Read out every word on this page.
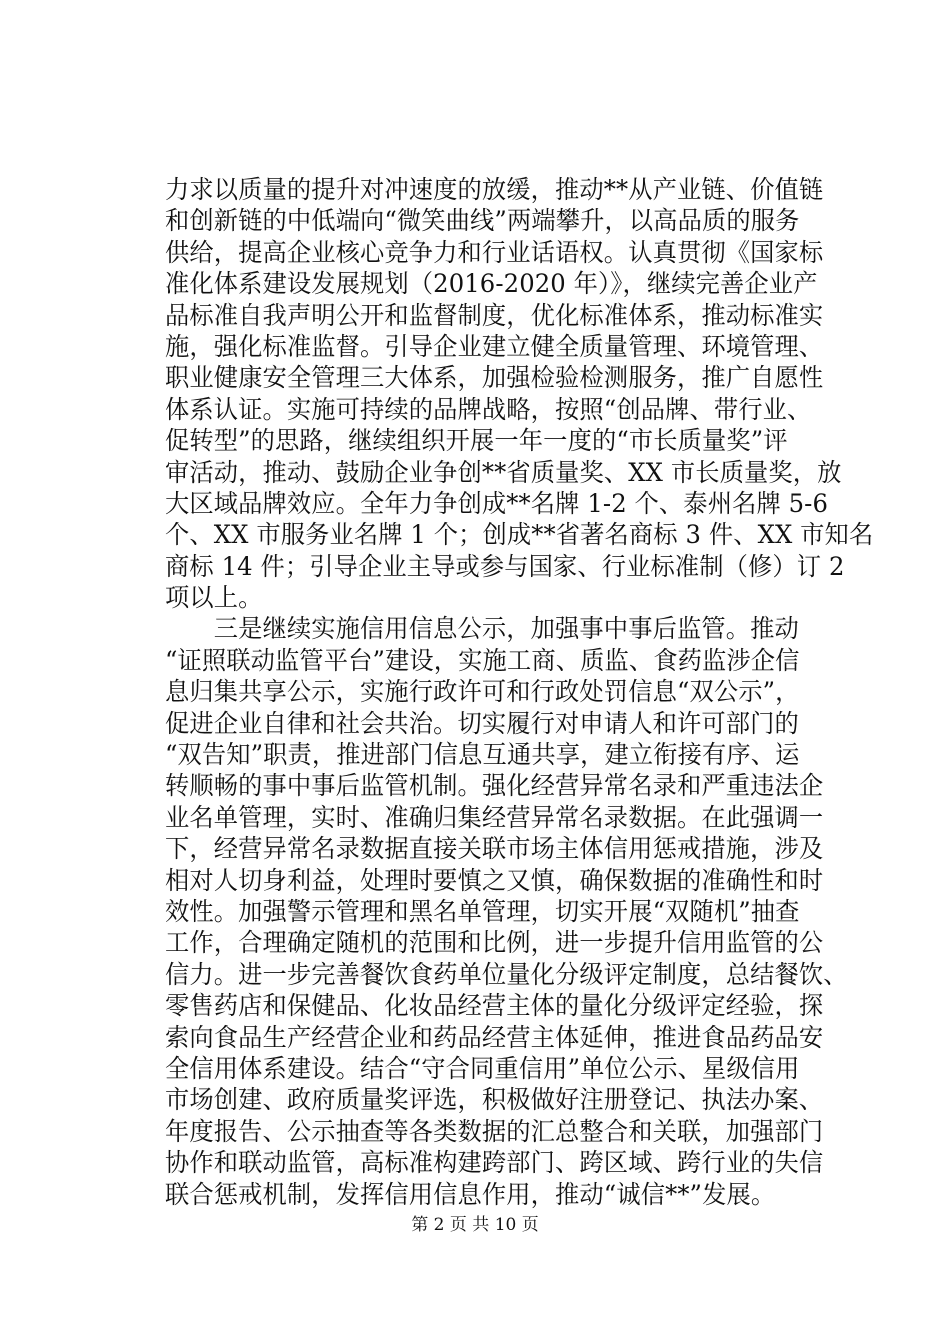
力求以质量的提升对冲速度的放缓，推动**从产业链、价值链
和创新链的中低端向“微笑曲线”两端攀升，以高品质的服务
供给，提高企业核心竞争力和行业话语权。认真贯彻《国家标
准化体系建设发展规划（2016-2020 年）》，继续完善企业产
品标准自我声明公开和监督制度，优化标准体系，推动标准实
施，强化标准监督。引导企业建立健全质量管理、环境管理、
职业健康安全管理三大体系，加强检验检测服务，推广自愿性
体系认证。实施可持续的品牌战略，按照“创品牌、带行业、
促转型”的思路，继续组织开展一年一度的“市长质量奖”评
审活动，推动、鼓励企业争创**省质量奖、XX 市长质量奖，放
大区域品牌效应。全年力争创成**名牌 1-2 个、泰州名牌 5-6
个、XX 市服务业名牌 1 个；创成**省著名商标 3 件、XX 市知名
商标 14 件；引导企业主导或参与国家、行业标准制（修）订 2
项以上。
　　三是继续实施信用信息公示，加强事中事后监管。推动
“证照联动监管平台”建设，实施工商、质监、食药监涉企信
息归集共享公示，实施行政许可和行政处罚信息“双公示”，
促进企业自律和社会共治。切实履行对申请人和许可部门的
“双告知”职责，推进部门信息互通共享，建立衔接有序、运
转顺畅的事中事后监管机制。强化经营异常名录和严重违法企
业名单管理，实时、准确归集经营异常名录数据。在此强调一
下，经营异常名录数据直接关联市场主体信用惩戒措施，涉及
相对人切身利益，处理时要慎之又慎，确保数据的准确性和时
效性。加强警示管理和黑名单管理，切实开展“双随机”抽查
工作，合理确定随机的范围和比例，进一步提升信用监管的公
信力。进一步完善餐饮食药单位量化分级评定制度，总结餐饮、
零售药店和保健品、化妆品经营主体的量化分级评定经验，探
索向食品生产经营企业和药品经营主体延伸，推进食品药品安
全信用体系建设。结合“守合同重信用”单位公示、星级信用
市场创建、政府质量奖评选，积极做好注册登记、执法办案、
年度报告、公示抽查等各类数据的汇总整合和关联，加强部门
协作和联动监管，高标准构建跨部门、跨区域、跨行业的失信
联合惩戒机制，发挥信用信息作用，推动“诚信**”发展。
第 2 页 共 10 页
